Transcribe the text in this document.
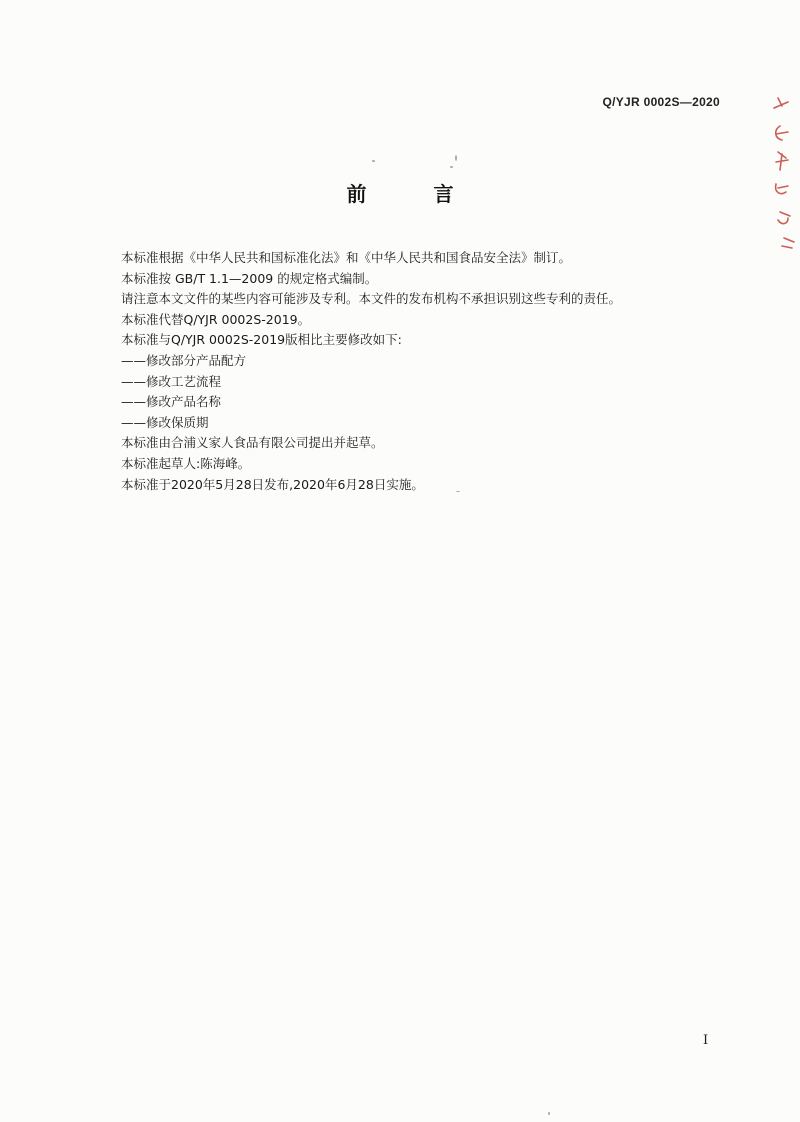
Q/YJR 0002S—2020
前 言

本标准根据《中华人民共和国标准化法》和《中华人民共和国食品安全法》制订。

本标准按 GB/T 1.1—2009 的规定格式编制。

请注意本文文件的某些内容可能涉及专利。本文件的发布机构不承担识别这些专利的责任。

本标准代替Q/YJR 0002S-2019。

本标准与Q/YJR 0002S-2019版相比主要修改如下:

——修改部分产品配方

——修改工艺流程

——修改产品名称

——修改保质期

本标准由合浦义家人食品有限公司提出并起草。

本标准起草人:陈海峰。

本标准于2020年5月28日发布,2020年6月28日实施。

I
